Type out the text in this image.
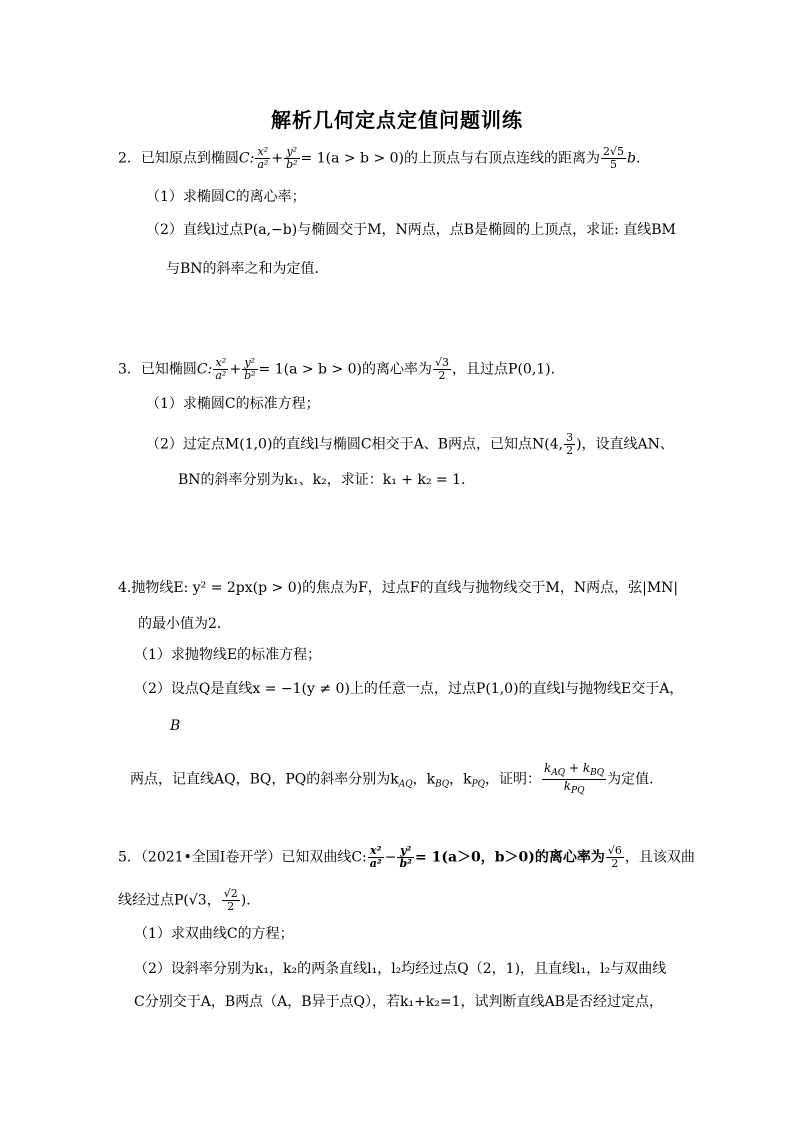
解析几何定点定值问题训练
2．已知原点到椭圆C: $\frac{\text{x²}}{\text{a²}} + \frac{\text{y²}}{\text{b²}} = 1(a > b > 0)$的上顶点与右顶点连线的距离为 $\frac{2√5}{5}$ b．
（1）求椭圆C的离心率；
（2）直线l过点P(a,−b)与椭圆交于M，N两点，点B是椭圆的上顶点，求证: 直线BM
与BN的斜率之和为定值．
3．已知椭圆C: $\frac{\text{x²}}{\text{a²}} + \frac{\text{y²}}{\text{b²}} = 1(a > b > 0)$的离心率为 $\frac{√3}{2}$ ，且过点P(0,1)．
（1）求椭圆C的标准方程；
（2）过定点M(1,0)的直线l与椭圆C相交于A、B两点，已知点N(4, $\frac{3}{2}$ )，设直线AN、
BN的斜率分别为k₁、k₂，求证：k₁ + k₂ = 1．
4.抛物线E: y² = 2px(p > 0)的焦点为F，过点F的直线与抛物线交于M，N两点，弦|MN|
的最小值为2．
（1）求抛物线E的标准方程；
（2）设点Q是直线x = −1(y ≠ 0)上的任意一点，过点P(1,0)的直线l与抛物线E交于A，
B
两点，记直线AQ，BQ，PQ的斜率分别为$k_{AQ}$，$k_{BQ}$，$k_{PQ}$，证明： $\frac{k_{AQ} + k_{BQ}}{k_{PQ}}$ 为定值．
5．（2021•全国Ⅰ卷开学）已知双曲线C: $\frac{\text{x²}}{\text{a²}} - \frac{\text{y²}}{\text{b²}} = 1(a>0$，b＞0)的离心率为 $\frac{√6}{2}$ ，且该双曲
线经过点P(√3， $\frac{√2}{2}$ )．
（1）求双曲线C的方程；
（2）设斜率分别为k₁，k₂的两条直线l₁，l₂均经过点Q（2，1)，且直线l₁，l₂与双曲线
C分别交于A，B两点（A，B异于点Q），若k₁+k₂=1，试判断直线AB是否经过定点，
